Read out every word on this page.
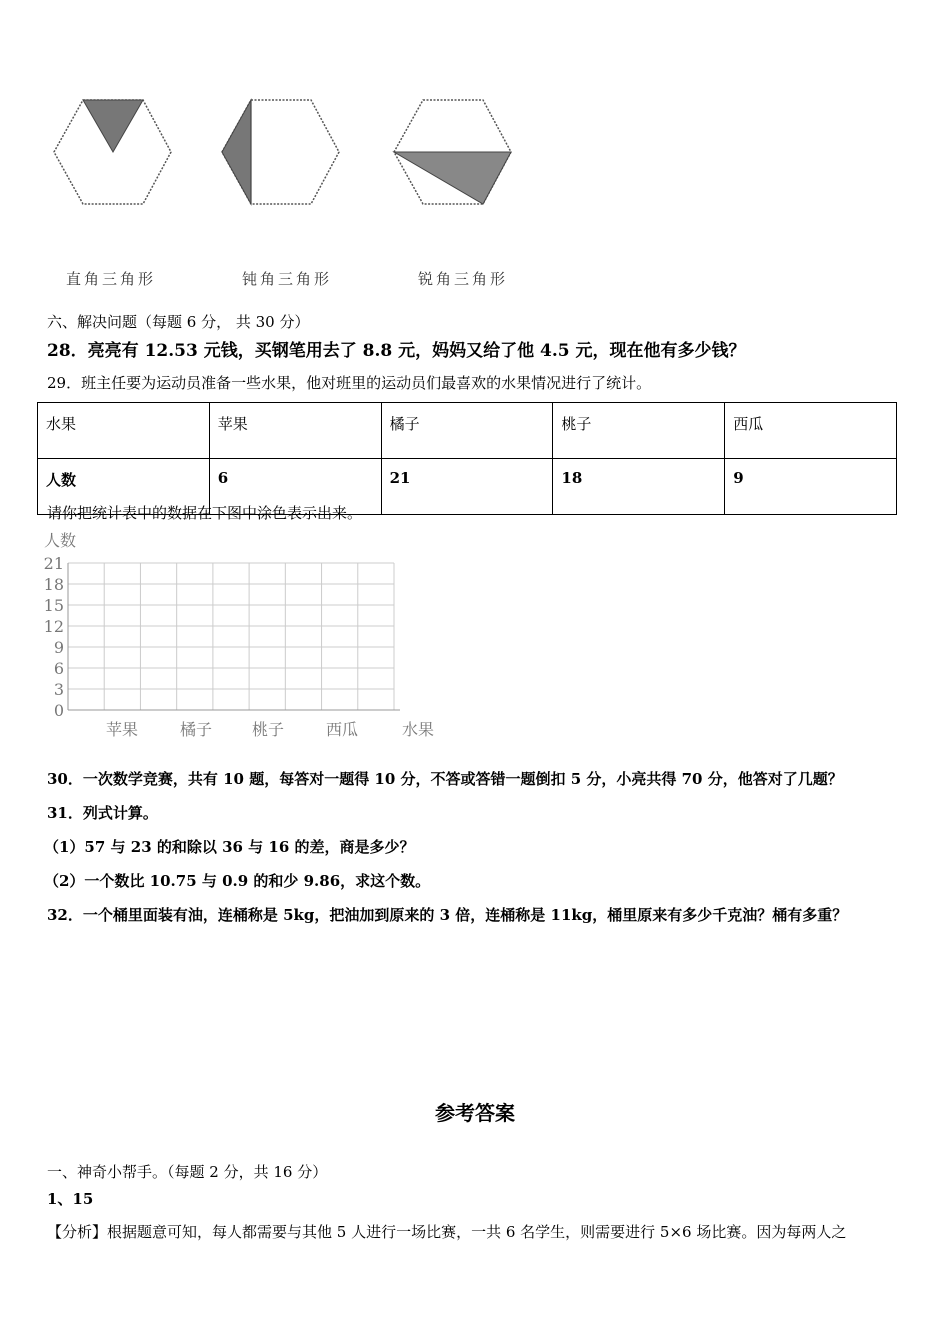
直角三角形	钝角三角形	锐角三角形
六、解决问题（每题 6 分， 共 30 分）
28．亮亮有 12.53 元钱，买钢笔用去了 8.8 元，妈妈又给了他 4.5 元，现在他有多少钱？
29．班主任要为运动员准备一些水果，他对班里的运动员们最喜欢的水果情况进行了统计。
水果	苹果	橘子	桃子	西瓜
人数	6	21	18	9
请你把统计表中的数据在下图中涂色表示出来。
人数
水果
0
3
6
9
12
15
18
21
苹果	橘子 桃子	西瓜
30．一次数学竞赛，共有 10 题，每答对一题得 10 分，不答或答错一题倒扣 5 分，小亮共得 70 分，他答对了几题？
31．列式计算。
（1）57 与 23 的和除以 36 与 16 的差，商是多少？
（2）一个数比 10.75 与 0.9 的和少 9.86，求这个数。
32．一个桶里面装有油，连桶称是 5kg，把油加到原来的 3 倍，连桶称是 11kg，桶里原来有多少千克油？桶有多重？
参考答案
一、神奇小帮手。（每题 2 分，共 16 分）
1、15
【分析】根据题意可知，每人都需要与其他 5 人进行一场比赛，一共 6 名学生，则需要进行 5×6 场比赛。因为每两人之
